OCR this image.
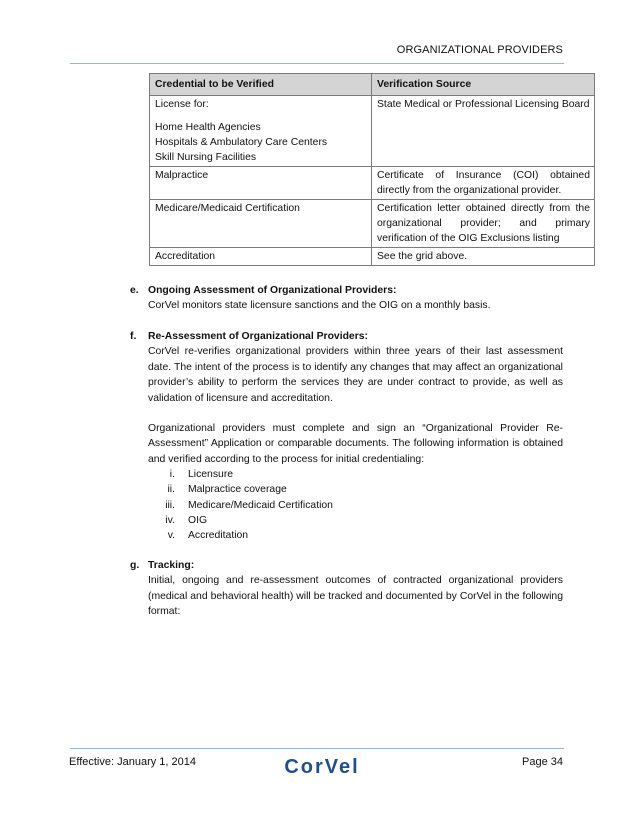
ORGANIZATIONAL PROVIDERS
Credential to be Verified	Verification Source
License for:
Home Health Agencies
Hospitals & Ambulatory Care Centers
Skill Nursing Facilities	State Medical or Professional Licensing Board
Malpractice	Certificate of Insurance (COI) obtained directly from the organizational provider.
Medicare/Medicaid Certification	Certification letter obtained directly from the organizational provider; and primary verification of the OIG Exclusions listing
Accreditation	See the grid above.
e. Ongoing Assessment of Organizational Providers:
CorVel monitors state licensure sanctions and the OIG on a monthly basis.
f. Re-Assessment of Organizational Providers:
CorVel re-verifies organizational providers within three years of their last assessment date. The intent of the process is to identify any changes that may affect an organizational provider’s ability to perform the services they are under contract to provide, as well as validation of licensure and accreditation.
Organizational providers must complete and sign an “Organizational Provider Re-Assessment” Application or comparable documents. The following information is obtained and verified according to the process for initial credentialing:
i.	Licensure
ii.	Malpractice coverage
iii.	Medicare/Medicaid Certification
iv.	OIG
v.	Accreditation
g. Tracking:
Initial, ongoing and re-assessment outcomes of contracted organizational providers (medical and behavioral health) will be tracked and documented by CorVel in the following format:
Effective: January 1, 2014	CorVel	Page 34
